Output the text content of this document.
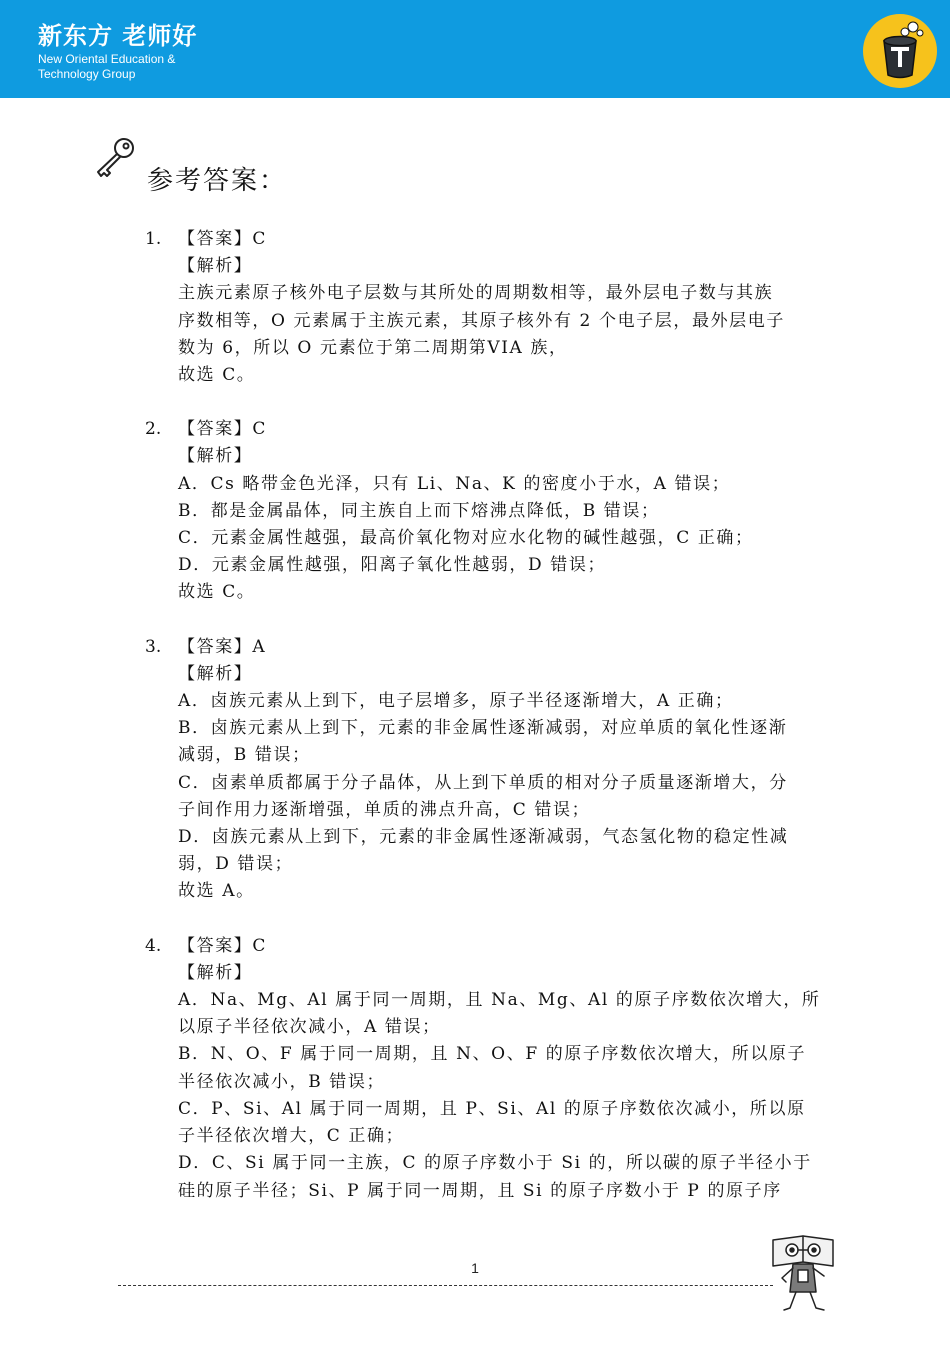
新东方 老师好
New Oriental Education &
Technology Group
参考答案：
1. 【答案】C
【解析】
主族元素原子核外电子层数与其所处的周期数相等，最外层电子数与其族
序数相等，O 元素属于主族元素，其原子核外有 2 个电子层，最外层电子
数为 6，所以 O 元素位于第二周期第VIA 族，
故选 C。
2. 【答案】C
【解析】
A．Cs 略带金色光泽，只有 Li、Na、K 的密度小于水，A 错误；
B．都是金属晶体，同主族自上而下熔沸点降低，B 错误；
C．元素金属性越强，最高价氧化物对应水化物的碱性越强，C 正确；
D．元素金属性越强，阳离子氧化性越弱，D 错误；
故选 C。
3. 【答案】A
【解析】
A．卤族元素从上到下，电子层增多，原子半径逐渐增大，A 正确；
B．卤族元素从上到下，元素的非金属性逐渐减弱，对应单质的氧化性逐渐
减弱，B 错误；
C．卤素单质都属于分子晶体，从上到下单质的相对分子质量逐渐增大，分
子间作用力逐渐增强，单质的沸点升高，C 错误；
D．卤族元素从上到下，元素的非金属性逐渐减弱，气态氢化物的稳定性减
弱，D 错误；
故选 A。
4. 【答案】C
【解析】
A．Na、Mg、Al 属于同一周期，且 Na、Mg、Al 的原子序数依次增大，所
以原子半径依次减小，A 错误；
B．N、O、F 属于同一周期，且 N、O、F 的原子序数依次增大，所以原子
半径依次减小，B 错误；
C．P、Si、Al 属于同一周期，且 P、Si、Al 的原子序数依次减小，所以原
子半径依次增大，C 正确；
D．C、Si 属于同一主族，C 的原子序数小于 Si 的，所以碳的原子半径小于
硅的原子半径；Si、P 属于同一周期，且 Si 的原子序数小于 P 的原子序
1
